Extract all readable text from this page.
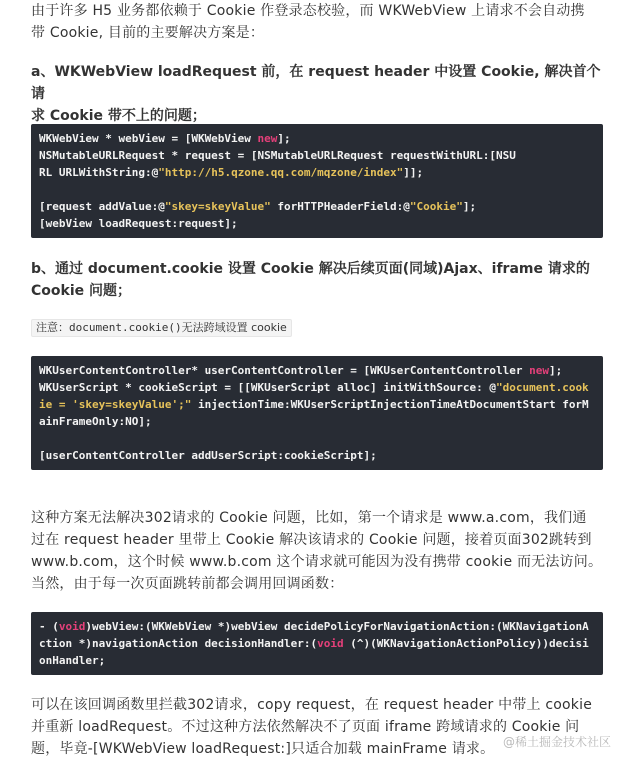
由于许多 H5 业务都依赖于 Cookie 作登录态校验，而 WKWebView 上请求不会自动携

带 Cookie, 目前的主要解决方案是：

a、WKWebView loadRequest 前，在 request header 中设置 Cookie, 解决首个请

求 Cookie 带不上的问题；

WKWebView * webView = [WKWebView new];
NSMutableURLRequest * request = [NSMutableURLRequest requestWithURL:[NSU
RL URLWithString:@"http://h5.qzone.qq.com/mqzone/index"]];

[request addValue:@"skey=skeyValue" forHTTPHeaderField:@"Cookie"];
[webView loadRequest:request];

b、通过 document.cookie 设置 Cookie 解决后续页面(同域)Ajax、iframe 请求的

Cookie 问题；

注意：document.cookie()无法跨域设置 cookie
WKUserContentController* userContentController = [WKUserContentController new];
WKUserScript * cookieScript = [[WKUserScript alloc] initWithSource: @"document.cookie = 'skey=skeyValue';" injectionTime:WKUserScriptInjectionTimeAtDocumentStart forMainFrameOnly:NO];

[userContentController addUserScript:cookieScript];

这种方案无法解决302请求的 Cookie 问题，比如，第一个请求是 www.a.com，我们通

过在 request header 里带上 Cookie 解决该请求的 Cookie 问题，接着页面302跳转到

www.b.com，这个时候 www.b.com 这个请求就可能因为没有携带 cookie 而无法访问。

当然，由于每一次页面跳转前都会调用回调函数：

- (void)webView:(WKWebView *)webView decidePolicyForNavigationAction:(WKNavigationAction *)navigationAction decisionHandler:(void (^)(WKNavigationActionPolicy))decisionHandler;

可以在该回调函数里拦截302请求，copy request，在 request header 中带上 cookie

并重新 loadRequest。不过这种方法依然解决不了页面 iframe 跨域请求的 Cookie 问

题，毕竟-[WKWebView loadRequest:]只适合加载 mainFrame 请求。 @稀土掘金技术社区
